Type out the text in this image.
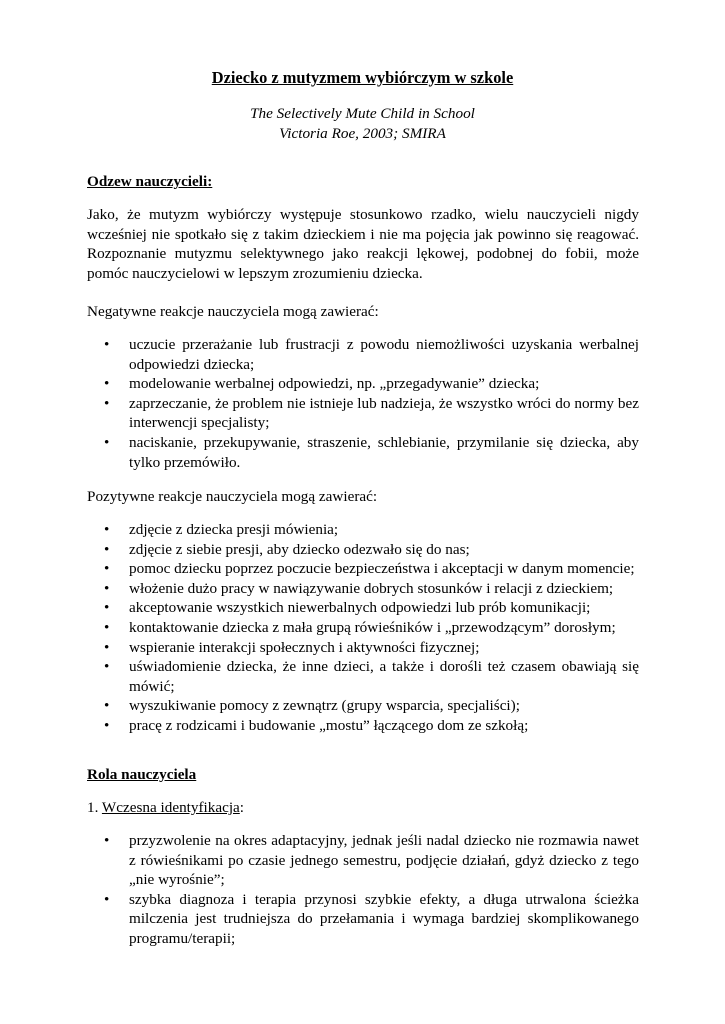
Dziecko z mutyzmem wybiórczym w szkole
The Selectively Mute Child in School
Victoria Roe, 2003; SMIRA
Odzew nauczycieli:
Jako, że mutyzm wybiórczy występuje stosunkowo rzadko, wielu nauczycieli nigdy wcześniej nie spotkało się z takim dzieckiem i nie ma pojęcia jak powinno się reagować. Rozpoznanie mutyzmu selektywnego jako reakcji lękowej, podobnej do fobii, może pomóc nauczycielowi w lepszym zrozumieniu dziecka.
Negatywne reakcje nauczyciela mogą zawierać:
• uczucie przerażanie lub frustracji z powodu niemożliwości uzyskania werbalnej odpowiedzi dziecka;
• modelowanie werbalnej odpowiedzi, np. „przegadywanie” dziecka;
• zaprzeczanie, że problem nie istnieje lub nadzieja, że wszystko wróci do normy bez interwencji specjalisty;
• naciskanie, przekupywanie, straszenie, schlebianie, przymilanie się dziecka, aby tylko przemówiło.
Pozytywne reakcje nauczyciela mogą zawierać:
• zdjęcie z dziecka presji mówienia;
• zdjęcie z siebie presji, aby dziecko odezwało się do nas;
• pomoc dziecku poprzez poczucie bezpieczeństwa i akceptacji w danym momencie;
• włożenie dużo pracy w nawiązywanie dobrych stosunków i relacji z dzieckiem;
• akceptowanie wszystkich niewerbalnych odpowiedzi lub prób komunikacji;
• kontaktowanie dziecka z mała grupą rówieśników i „przewodzącym” dorosłym;
• wspieranie interakcji społecznych i aktywności fizycznej;
• uświadomienie dziecka, że inne dzieci, a także i dorośli też czasem obawiają się mówić;
• wyszukiwanie pomocy z zewnątrz (grupy wsparcia, specjaliści);
• pracę z rodzicami i budowanie „mostu” łączącego dom ze szkołą;
Rola nauczyciela
1. Wczesna identyfikacja:
• przyzwolenie na okres adaptacyjny, jednak jeśli nadal dziecko nie rozmawia nawet z rówieśnikami po czasie jednego semestru, podjęcie działań, gdyż dziecko z tego „nie wyrośnie”;
• szybka diagnoza i terapia przynosi szybkie efekty, a długa utrwalona ścieżka milczenia jest trudniejsza do przełamania i wymaga bardziej skomplikowanego programu/terapii;
